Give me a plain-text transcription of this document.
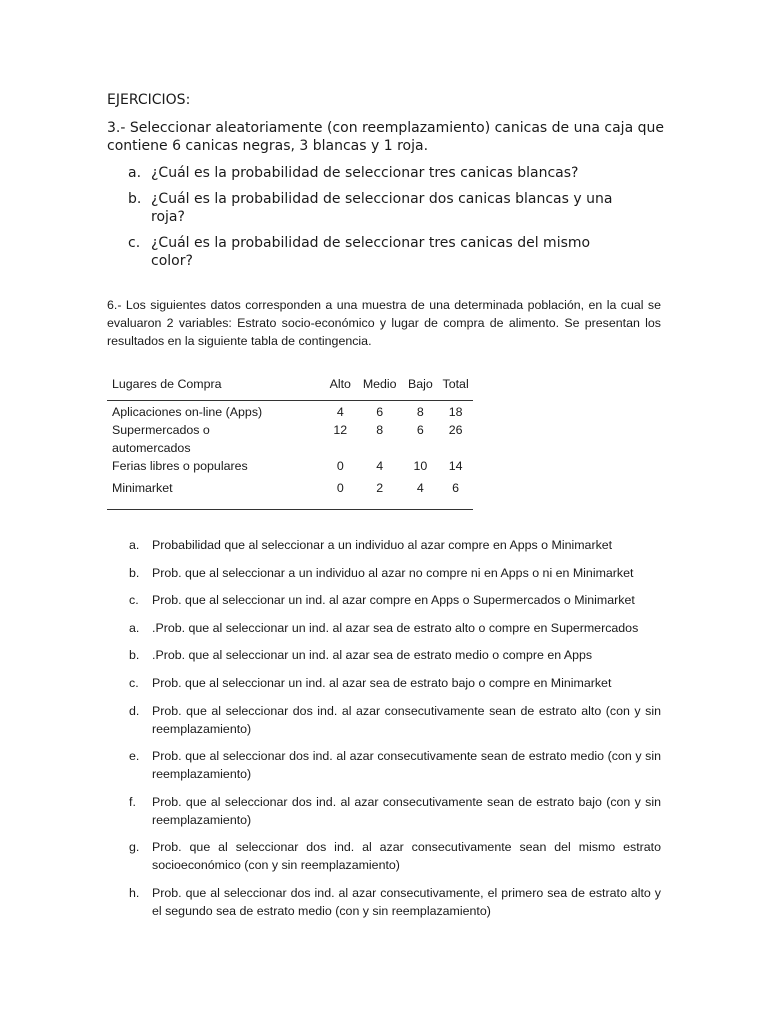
EJERCICIOS:

3.- Seleccionar aleatoriamente (con reemplazamiento) canicas de una caja que contiene 6 canicas negras, 3 blancas y 1 roja.

a. ¿Cuál es la probabilidad de seleccionar tres canicas blancas?
b. ¿Cuál es la probabilidad de seleccionar dos canicas blancas y una roja?
c. ¿Cuál es la probabilidad de seleccionar tres canicas del mismo color?

6.- Los siguientes datos corresponden a una muestra de una determinada población, en la cual se evaluaron 2 variables: Estrato socio-económico y lugar de compra de alimento. Se presentan los resultados en la siguiente tabla de contingencia.

Lugares de Compra	Alto	Medio	Bajo	Total
Aplicaciones on-line (Apps)	4	6	8	18
Supermercados o automercados	12	8	6	26
Ferias libres o populares	0	4	10	14
Minimarket	0	2	4	6
a. Probabilidad que al seleccionar a un individuo al azar compre en Apps o Minimarket
b. Prob. que al seleccionar a un individuo al azar no compre ni en Apps o ni en Minimarket
c. Prob. que al seleccionar un ind. al azar compre en Apps o Supermercados o Minimarket
a. .Prob. que al seleccionar un ind. al azar sea de estrato alto o compre en Supermercados
b. .Prob. que al seleccionar un ind. al azar sea de estrato medio o compre en Apps
c. Prob. que al seleccionar un ind. al azar sea de estrato bajo o compre en Minimarket
d. Prob. que al seleccionar dos ind. al azar consecutivamente sean de estrato alto (con y sin reemplazamiento)
e. Prob. que al seleccionar dos ind. al azar consecutivamente sean de estrato medio (con y sin reemplazamiento)
f. Prob. que al seleccionar dos ind. al azar consecutivamente sean de estrato bajo (con y sin reemplazamiento)
g. Prob. que al seleccionar dos ind. al azar consecutivamente sean del mismo estrato socioeconómico (con y sin reemplazamiento)
h. Prob. que al seleccionar dos ind. al azar consecutivamente, el primero sea de estrato alto y el segundo sea de estrato medio (con y sin reemplazamiento)
